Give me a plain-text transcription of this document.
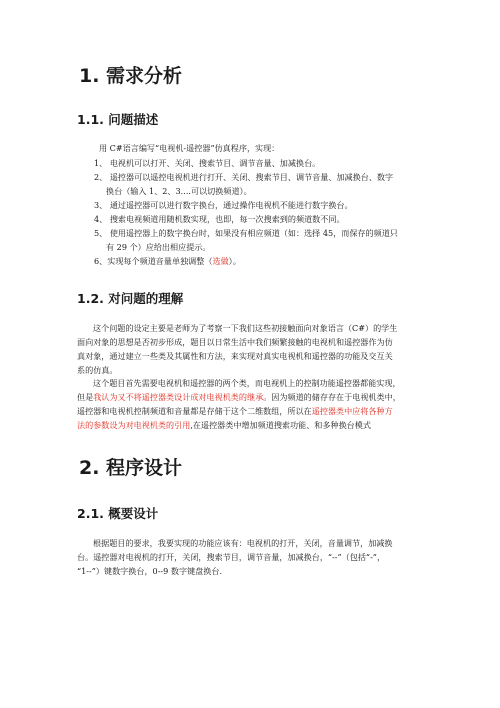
1. 需求分析
1.1. 问题描述
用 C#语言编写“电视机-遥控器”仿真程序，实现：
1、 电视机可以打开、关闭、搜索节目、调节音量、加减换台。
2、 遥控器可以遥控电视机进行打开、关闭、搜索节目、调节音量、加减换台、数字
换台（输入 1、2、3....可以切换频道）。
3、 通过遥控器可以进行数字换台，通过操作电视机不能进行数字换台。
4、 搜索电视频道用随机数实现，也即，每一次搜索到的频道数不同。
5、 使用遥控器上的数字换台时，如果没有相应频道（如：选择 45，而保存的频道只
有 29 个）应给出相应提示。
6、实现每个频道音量单独调整（选做）。
1.2. 对问题的理解
这个问题的设定主要是老师为了考察一下我们这些初接触面向对象语言（C#）的学生
面向对象的思想是否初步形成，题目以日常生活中我们频繁接触的电视机和遥控器作为仿
真对象，通过建立一些类及其属性和方法，来实现对真实电视机和遥控器的功能及交互关
系的仿真。
这个题目首先需要电视机和遥控器的两个类，而电视机上的控制功能遥控器都能实现，
但是我认为又不将遥控器类设计成对电视机类的继承。因为频道的储存存在于电视机类中，
遥控器和电视机控制频道和音量都是存储于这个二维数组，所以在遥控器类中应将各种方
法的参数设为对电视机类的引用,在遥控器类中增加频道搜索功能、和多种换台模式
2. 程序设计
2.1. 概要设计
根据题目的要求，我要实现的功能应该有：电视机的打开，关闭，音量调节，加减换
台。遥控器对电视机的打开，关闭，搜索节目，调节音量，加减换台，“--”（包括“-”，
“1--”）键数字换台，0--9 数字键盘换台.
